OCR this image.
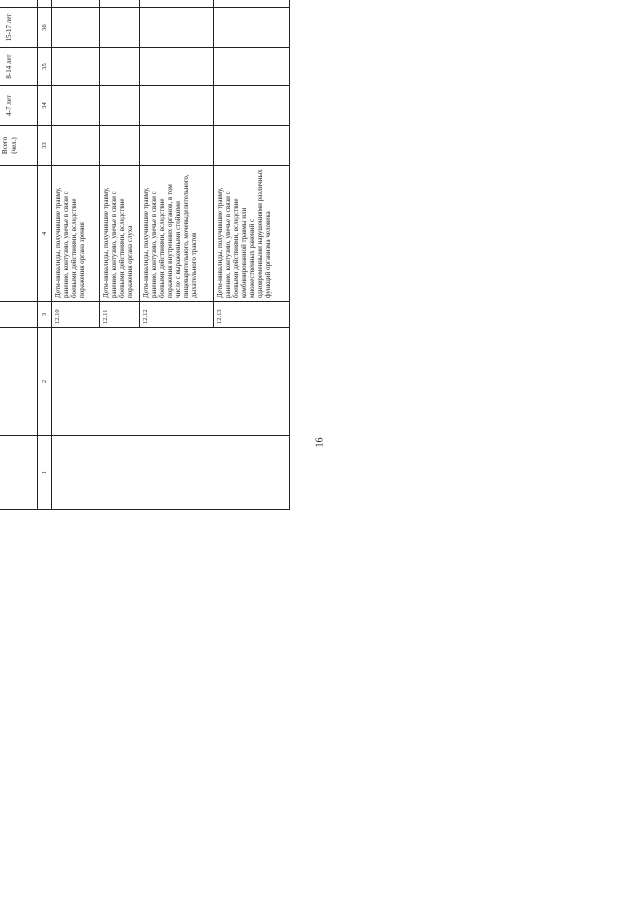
16

				Всего (чел.)	4-7 лет	8-14 лет	15-17 лет				
1	2	3	4	33	34	35	36				
		12.10	Дети-инвалиды, получившие травму, ранение, контузию, увечье в связи с боевыми действиями, вследствие поражения органа зрения								
		12.11	Дети-инвалиды, получившие травму, ранение, контузию, увечье в связи с боевыми действиями, вследствие поражения органа слуха								
		12.12	Дети-инвалиды, получившие травму, ранение, контузию, увечье в связи с боевыми действиями, вследствие поражения внутренних органов, в том числе с выраженными стойкими пищеварительного, мочевыделительного, дыхательного трактов								
		12.13	Дети-инвалиды, получившие травму, ранение, контузию, увечье в связи с боевыми действиями, вследствие комбинированной травмы или множественных ранений с одновременными нарушениями различных функций организма человека								
